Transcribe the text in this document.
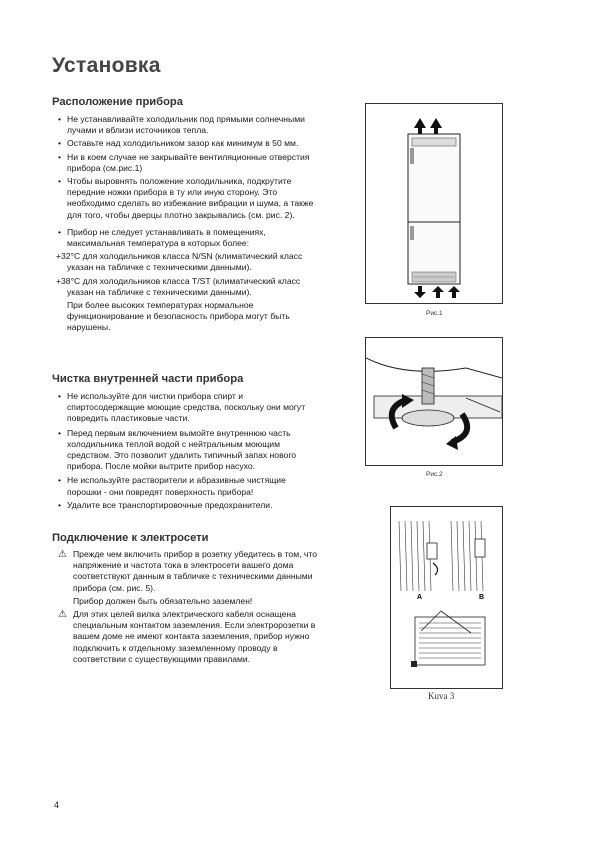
Установка
Расположение прибора
• Не устанавливайте холодильник под прямыми солнечными лучами и вблизи источников тепла.
• Оставьте над холодильником зазор как минимум в 50 мм.
• Ни в коем случае не закрывайте вентиляционные отверстия прибора (см.рис.1)
• Чтобы выровнять положение холодильника, подкрутите передние ножки прибора в ту или иную сторону. Это необходимо сделать во избежание вибрации и шума, а также для того, чтобы дверцы плотно закрывались (см. рис. 2).
• Прибор не следует устанавливать в помещениях, максимальная температура в которых более:
+32°C для холодильников класса N/SN (климатический класс указан на табличке с техническими данными).
+38°C для холодильников класса T/ST (климатический класс указан на табличке с техническими данными).
При более высоких температурах нормальное функционирование и безопасность прибора могут быть нарушены.
Чистка внутренней части прибора
• Не используйте для чистки прибора спирт и спиртосодержащие моющие средства, поскольку они могут повредить пластиковые части.
• Перед первым включением вымойте внутреннюю часть холодильника теплой водой с нейтральным моющим средством. Это позволит удалить типичный запах нового прибора. После мойки вытрите прибор насухо.
• Не используйте растворители и абразивные чистящие порошки - они повредят поверхность прибора!
• Удалите все транспортировочные предохранители.
Подключение к электросети
⚠ Прежде чем включить прибор в розетку убедитесь в том, что напряжение и частота тока в электросети вашего дома соответствуют данным в табличке с техническими данными прибора (см. рис. 5).
Прибор должен быть обязательно заземлен!
⚠ Для этих целей вилка электрического кабеля оснащена специальным контактом заземления. Если электророзетки в вашем доме не имеют контакта заземления, прибор нужно подключить к отдельному заземленному проводу в соответствии с существующими правилами.
Рис.1
Рис.2
A	B
Kuva 3
4
